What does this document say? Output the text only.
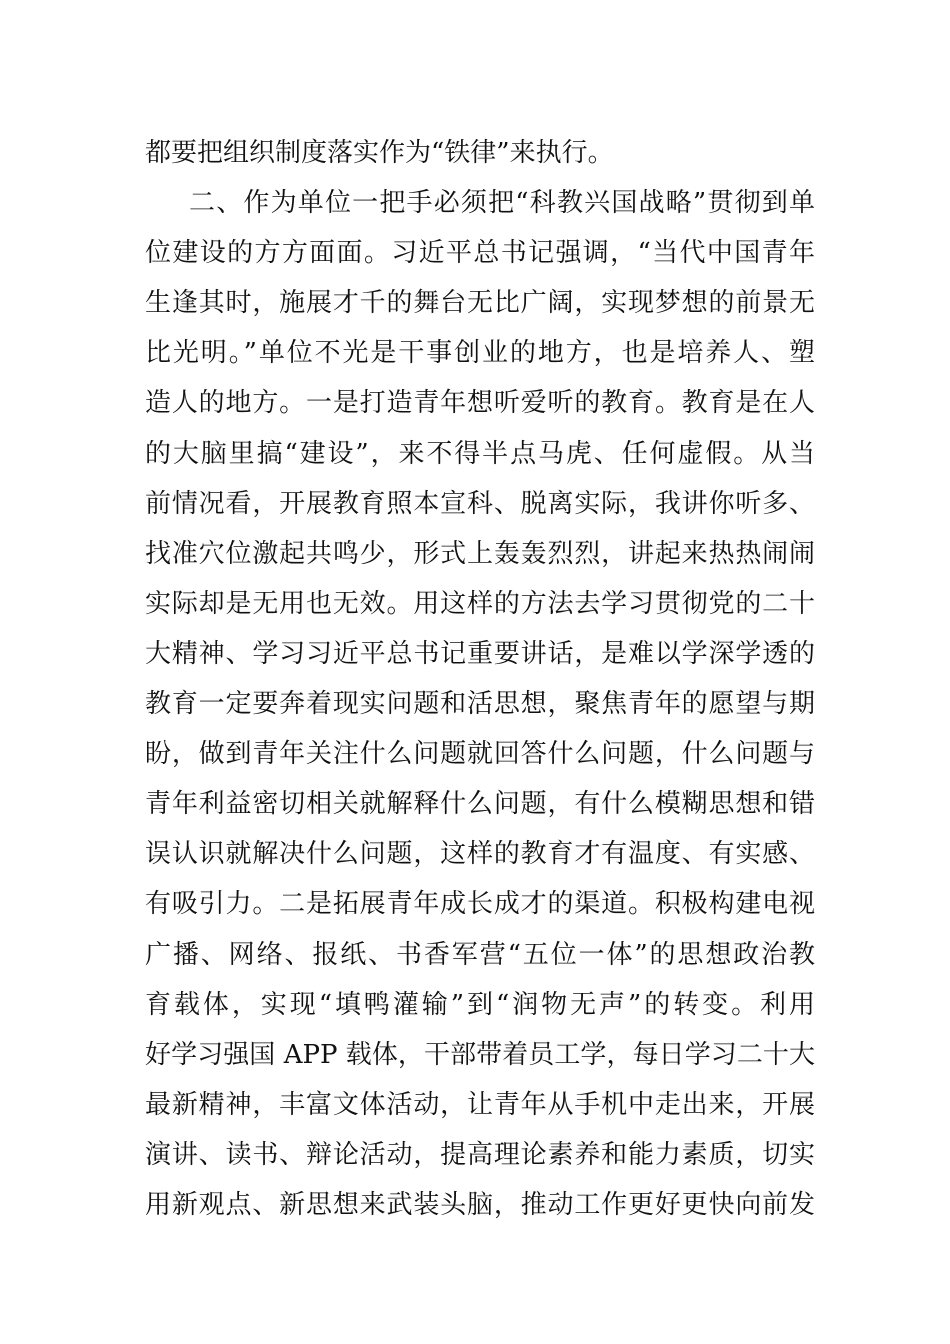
都要把组织制度落实作为“铁律”来执行。
二、作为单位一把手必须把“科教兴国战略”贯彻到单
位建设的方方面面。习近平总书记强调，“当代中国青年
生逢其时，施展才千的舞台无比广阔，实现梦想的前景无
比光明。”单位不光是干事创业的地方，也是培养人、塑
造人的地方。一是打造青年想听爱听的教育。教育是在人
的大脑里搞“建设”，来不得半点马虎、任何虚假。从当
前情况看，开展教育照本宣科、脱离实际，我讲你听多、
找准穴位激起共鸣少，形式上轰轰烈烈，讲起来热热闹闹
实际却是无用也无效。用这样的方法去学习贯彻党的二十
大精神、学习习近平总书记重要讲话，是难以学深学透的
教育一定要奔着现实问题和活思想，聚焦青年的愿望与期
盼，做到青年关注什么问题就回答什么问题，什么问题与
青年利益密切相关就解释什么问题，有什么模糊思想和错
误认识就解决什么问题，这样的教育才有温度、有实感、
有吸引力。二是拓展青年成长成才的渠道。积极构建电视
广播、网络、报纸、书香军营“五位一体”的思想政治教
育载体，实现“填鸭灌输”到“润物无声”的转变。利用
好学习强国 APP 载体，干部带着员工学，每日学习二十大
最新精神，丰富文体活动，让青年从手机中走出来，开展
演讲、读书、辩论活动，提高理论素养和能力素质，切实
用新观点、新思想来武装头脑，推动工作更好更快向前发
